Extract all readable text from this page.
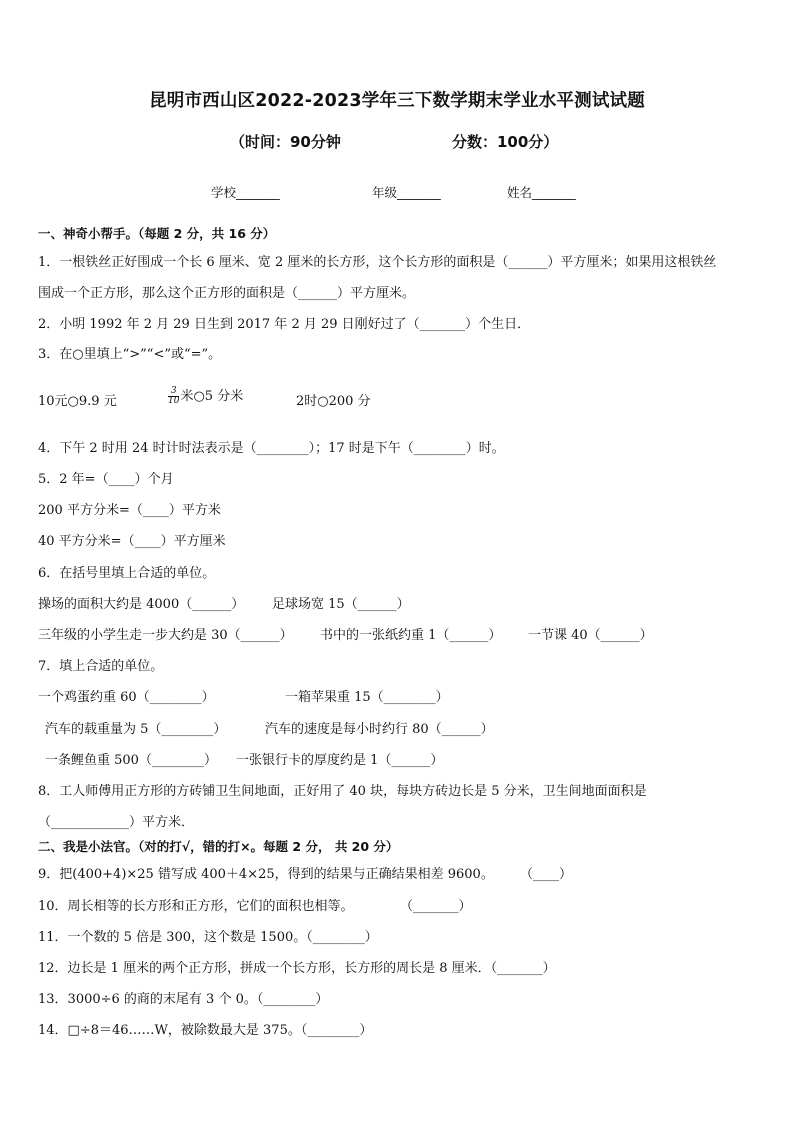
昆明市西山区2022-2023学年三下数学期末学业水平测试试题
（时间：90分钟	分数：100分）
学校_______	年级_______	姓名_______
一、神奇小帮手。（每题 2 分，共 16 分）
1．一根铁丝正好围成一个长 6 厘米、宽 2 厘米的长方形，这个长方形的面积是（______）平方厘米；如果用这根铁丝
围成一个正方形，那么这个正方形的面积是（______）平方厘米。
2．小明 1992 年 2 月 29 日生到 2017 年 2 月 29 日刚好过了（_______）个生日．
3．在○里填上“>”“<”或“=”。
10元○9.9 元	$\frac{3}{10}$ 米○5 分米	2时○200 分
4．下午 2 时用 24 时计时法表示是（________）；17 时是下午（________）时。
5．2 年=（____）个月
200 平方分米=（____）平方米
40 平方分米=（____）平方厘米
6．在括号里填上合适的单位。
操场的面积大约是 4000（______） 足球场宽 15（______）
三年级的小学生走一步大约是 30（______） 书中的一张纸约重 1（______） 一节课 40（______）
7．填上合适的单位。
一个鸡蛋约重 60（________）	一箱苹果重 15（________）
汽车的载重量为 5（________）	汽车的速度是每小时约行 80（______）
一条鲤鱼重 500（________） 一张银行卡的厚度约是 1（______）
8．工人师傅用正方形的方砖铺卫生间地面，正好用了 40 块，每块方砖边长是 5 分米，卫生间地面面积是
（____________）平方米．
二、我是小法官。（对的打√，错的打×。每题 2 分， 共 20 分）
9．把(400+4)×25 错写成 400＋4×25，得到的结果与正确结果相差 9600。 （____）
10．周长相等的长方形和正方形，它们的面积也相等。	（_______）
11．一个数的 5 倍是 300，这个数是 1500。（________）
12．边长是 1 厘米的两个正方形，拼成一个长方形，长方形的周长是 8 厘米．（_______）
13．3000÷6 的商的末尾有 3 个 0。（________）
14．□÷8＝46……W，被除数最大是 375。（________）
